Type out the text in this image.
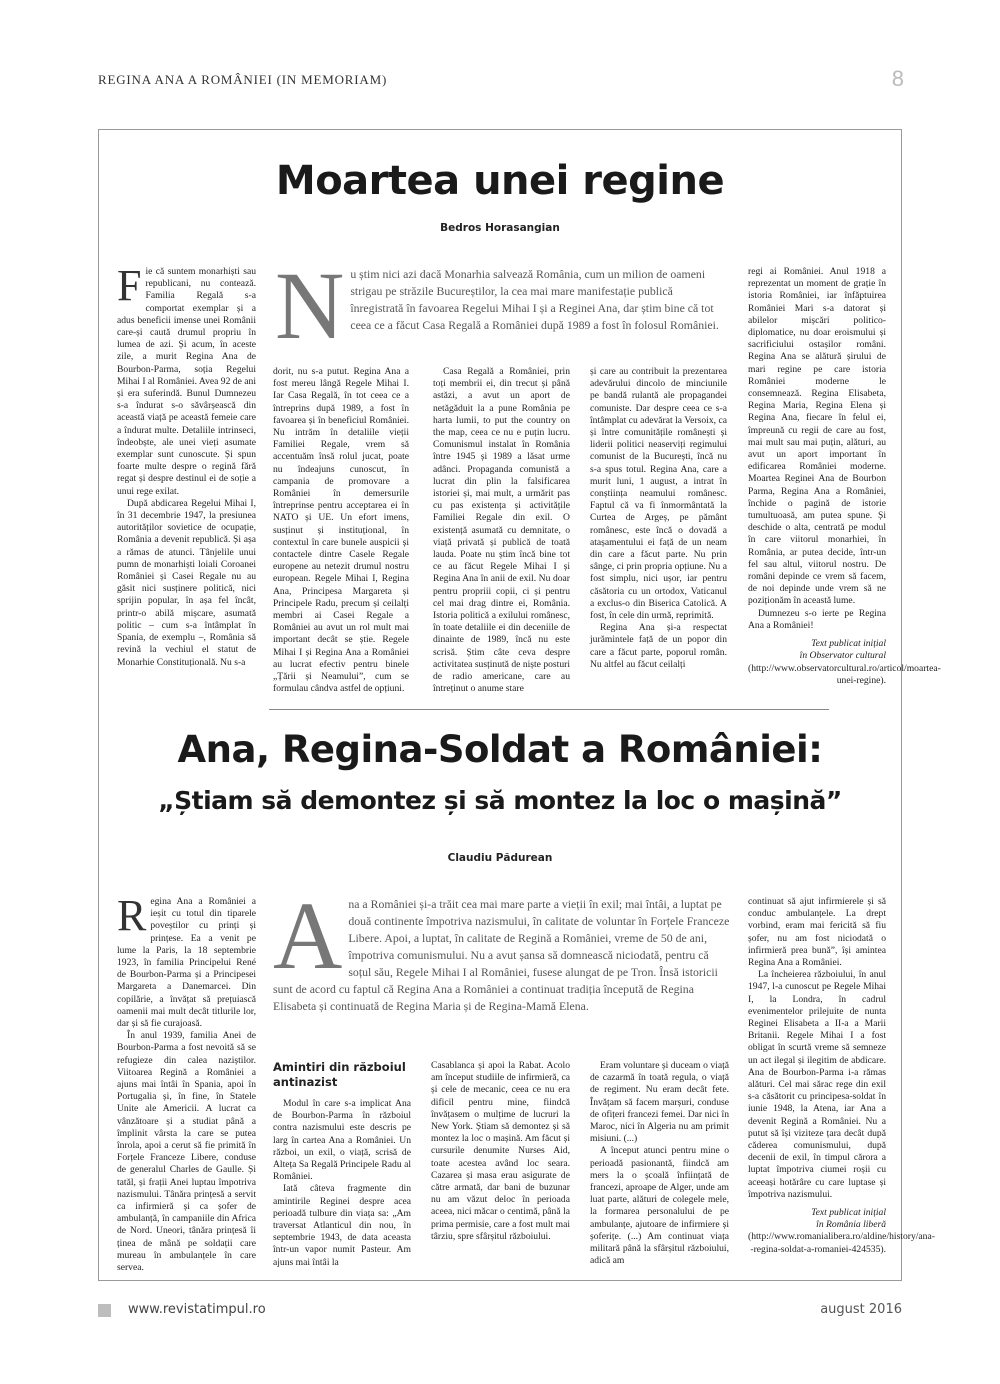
REGINA ANA A ROMÂNIEI (IN MEMORIAM)	8
Moartea unei regine
Bedros Horasangian

Fie că suntem monarhiști sau republicani, nu contează. Familia Regală s-a comportat exemplar și a adus beneficii imense unei Românii care-și caută drumul propriu în lumea de azi. Și acum, în aceste zile, a murit Regina Ana de Bourbon-Parma, soția Regelui Mihai I al României. Avea 92 de ani și era suferindă. Bunul Dumnezeu s-a îndurat s-o săvârșească din această viață pe această femeie care a îndurat multe. Detaliile intrinseci, îndeobște, ale unei vieți asumate exemplar sunt cunoscute. Și spun foarte multe despre o regină fără regat și despre destinul ei de soție a unui rege exilat.

După abdicarea Regelui Mihai I, în 31 decembrie 1947, la presiunea autorităților sovietice de ocupație, România a devenit republică. Și așa a rămas de atunci. Tânjelile unui pumn de monarhiști loiali Coroanei României și Casei Regale nu au găsit nici susținere politică, nici sprijin popular, în așa fel încât, printr-o abilă mișcare, asumată politic – cum s-a întâmplat în Spania, de exemplu –, România să revină la vechiul el statut de Monarhie Constituțională. Nu s-a

N u știm nici azi dacă Monarhia salvează România, cum un milion de oameni strigau pe străzile Bucureștilor, la cea mai mare manifestație publică înregistrată în favoarea Regelui Mihai I și a Reginei Ana, dar știm bine că tot ceea ce a făcut Casa Regală a României după 1989 a fost în folosul României.

dorit, nu s-a putut. Regina Ana a fost mereu lângă Regele Mihai I. Iar Casa Regală, în tot ceea ce a întreprins după 1989, a fost în favoarea și în beneficiul României. Nu intrăm în detaliile vieții Familiei Regale, vrem să accentuăm însă rolul jucat, poate nu îndeajuns cunoscut, în campania de promovare a României în demersurile întreprinse pentru acceptarea ei în NATO și UE. Un efort imens, susținut și instituțional, în contextul în care bunele auspicii și contactele dintre Casele Regale europene au netezit drumul nostru european. Regele Mihai I, Regina Ana, Principesa Margareta și Principele Radu, precum și ceilalți membri ai Casei Regale a României au avut un rol mult mai important decât se știe. Regele Mihai I și Regina Ana a României au lucrat efectiv pentru binele „Țării și Neamului”, cum se formulau cândva astfel de opțiuni.

Casa Regală a României, prin toți membrii ei, din trecut și până astăzi, a avut un aport de netăgăduit la a pune România pe harta lumii, to put the country on the map, ceea ce nu e puțin lucru. Comunismul instalat în România între 1945 și 1989 a lăsat urme adânci. Propaganda comunistă a lucrat din plin la falsificarea istoriei și, mai mult, a urmărit pas cu pas existența și activitățile Familiei Regale din exil. O existență asumată cu demnitate, o viață privată și publică de toată lauda. Poate nu știm încă bine tot ce au făcut Regele Mihai I și Regina Ana în anii de exil. Nu doar pentru propriii copii, ci și pentru cel mai drag dintre ei, România. Istoria politică a exilului românesc, în toate detaliile ei din deceniile de dinainte de 1989, încă nu este scrisă. Știm câte ceva despre activitatea susținută de niște posturi de radio americane, care au întreținut o anume stare

și care au contribuit la prezentarea adevărului dincolo de minciunile pe bandă rulantă ale propagandei comuniste. Dar despre ceea ce s-a întâmplat cu adevărat la Versoix, ca și între comunitățile românești și liderii politici neaserviți regimului comunist de la București, încă nu s-a spus totul. Regina Ana, care a murit luni, 1 august, a intrat în conștiința neamului românesc. Faptul că va fi înmormântată la Curtea de Argeș, pe pământ românesc, este încă o dovadă a atașamentului ei față de un neam din care a făcut parte. Nu prin sânge, ci prin propria opțiune. Nu a fost simplu, nici ușor, iar pentru căsătoria cu un ortodox, Vaticanul a exclus-o din Biserica Catolică. A fost, în cele din urmă, reprimită.

Regina Ana și-a respectat jurămintele față de un popor din care a făcut parte, poporul român. Nu altfel au făcut ceilalți

regi ai României. Anul 1918 a reprezentat un moment de grație în istoria României, iar înfăptuirea României Mari s-a datorat și abilelor mișcări politico-diplomatice, nu doar eroismului și sacrificiului ostașilor români. Regina Ana se alătură șirului de mari regine pe care istoria României moderne le consemnează. Regina Elisabeta, Regina Maria, Regina Elena și Regina Ana, fiecare în felul ei, împreună cu regii de care au fost, mai mult sau mai puțin, alături, au avut un aport important în edificarea României moderne. Moartea Reginei Ana de Bourbon Parma, Regina Ana a României, închide o pagină de istorie tumultuoasă, am putea spune. Și deschide o alta, centrată pe modul în care viitorul monarhiei, în România, ar putea decide, într-un fel sau altul, viitorul nostru. De români depinde ce vrem să facem, de noi depinde unde vrem să ne poziționăm în această lume.

Dumnezeu s-o ierte pe Regina Ana a României!

Text publicat inițial
în Observator cultural
(http://www.observatorcultural.ro/articol/moartea-unei-regine).
Ana, Regina-Soldat a României:
„Știam să demontez și să montez la loc o mașină”
Claudiu Pădurean

Regina Ana a României a ieșit cu totul din tiparele poveștilor cu prinți și prințese. Ea a venit pe lume la Paris, la 18 septembrie 1923, în familia Principelui René de Bourbon-Parma și a Principesei Margareta a Danemarcei. Din copilărie, a învățat să prețuiască oamenii mai mult decât titlurile lor, dar și să fie curajoasă.

În anul 1939, familia Anei de Bourbon-Parma a fost nevoită să se refugieze din calea naziștilor. Viitoarea Regină a României a ajuns mai întâi în Spania, apoi în Portugalia și, în fine, în Statele Unite ale Americii. A lucrat ca vânzătoare și a studiat până a împlinit vârsta la care se putea înrola, apoi a cerut să fie primită în Forțele Franceze Libere, conduse de generalul Charles de Gaulle. Și tatăl, și frații Anei luptau împotriva nazismului. Tânăra prințesă a servit ca infirmieră și ca șofer de ambulanță, în campaniile din Africa de Nord. Uneori, tânăra prințesă îi ținea de mână pe soldații care mureau în ambulanțele în care servea.

A na a României și-a trăit cea mai mare parte a vieții în exil; mai întâi, a luptat pe două continente împotriva nazismului, în calitate de voluntar în Forțele Franceze Libere. Apoi, a luptat, în calitate de Regină a României, vreme de 50 de ani, împotriva comunismului. Nu a avut șansa să domnească niciodată, pentru că soțul său, Regele Mihai I al României, fusese alungat de pe Tron. Însă istoricii sunt de acord cu faptul că Regina Ana a României a continuat tradiția începută de Regina Elisabeta și continuată de Regina Maria și de Regina-Mamă Elena.
Amintiri din războiul antinazist

Modul în care s-a implicat Ana de Bourbon-Parma în războiul contra nazismului este descris pe larg în cartea Ana a României. Un război, un exil, o viață, scrisă de Alteța Sa Regală Principele Radu al României.

Iată câteva fragmente din amintirile Reginei despre acea perioadă tulbure din viața sa: „Am traversat Atlanticul din nou, în septembrie 1943, de data aceasta într-un vapor numit Pasteur. Am ajuns mai întâi la

Casablanca și apoi la Rabat. Acolo am început studiile de infirmieră, ca și cele de mecanic, ceea ce nu era dificil pentru mine, fiindcă învățasem o mulțime de lucruri la New York. Știam să demontez și să montez la loc o mașină. Am făcut și cursurile denumite Nurses Aid, toate acestea având loc seara. Cazarea și masa erau asigurate de către armată, dar bani de buzunar nu am văzut deloc în perioada aceea, nici măcar o centimă, până la prima permisie, care a fost mult mai târziu, spre sfârșitul războiului.

Eram voluntare și duceam o viață de cazarmă în toată regula, o viață de regiment. Nu eram decât fete. Învățam să facem marșuri, conduse de ofițeri francezi femei. Dar nici în Maroc, nici în Algeria nu am primit misiuni. (...)

A început atunci pentru mine o perioadă pasionantă, fiindcă am mers la o școală înființată de francezi, aproape de Alger, unde am luat parte, alături de colegele mele, la formarea personalului de pe ambulanțe, ajutoare de infirmiere și șoferițe. (...) Am continuat viața militară până la sfârșitul războiului, adică am

continuat să ajut infirmierele și să conduc ambulanțele. La drept vorbind, eram mai fericită să fiu șofer, nu am fost niciodată o infirmieră prea bună”, își amintea Regina Ana a României.

La încheierea războiului, în anul 1947, l-a cunoscut pe Regele Mihai I, la Londra, în cadrul evenimentelor prilejuite de nunta Reginei Elisabeta a II-a a Marii Britanii. Regele Mihai I a fost obligat în scurtă vreme să semneze un act ilegal și ilegitim de abdicare. Ana de Bourbon-Parma i-a rămas alături. Cel mai sărac rege din exil s-a căsătorit cu principesa-soldat în iunie 1948, la Atena, iar Ana a devenit Regină a României. Nu a putut să își viziteze țara decât după căderea comunismului, după decenii de exil, în timpul cărora a luptat împotriva ciumei roșii cu aceeași hotărâre cu care luptase și împotriva nazismului.

Text publicat inițial
în România liberă
(http://www.romanialibera.ro/aldine/history/ana--regina-soldat-a-romaniei-424535).
www.revistatimpul.ro	august 2016
